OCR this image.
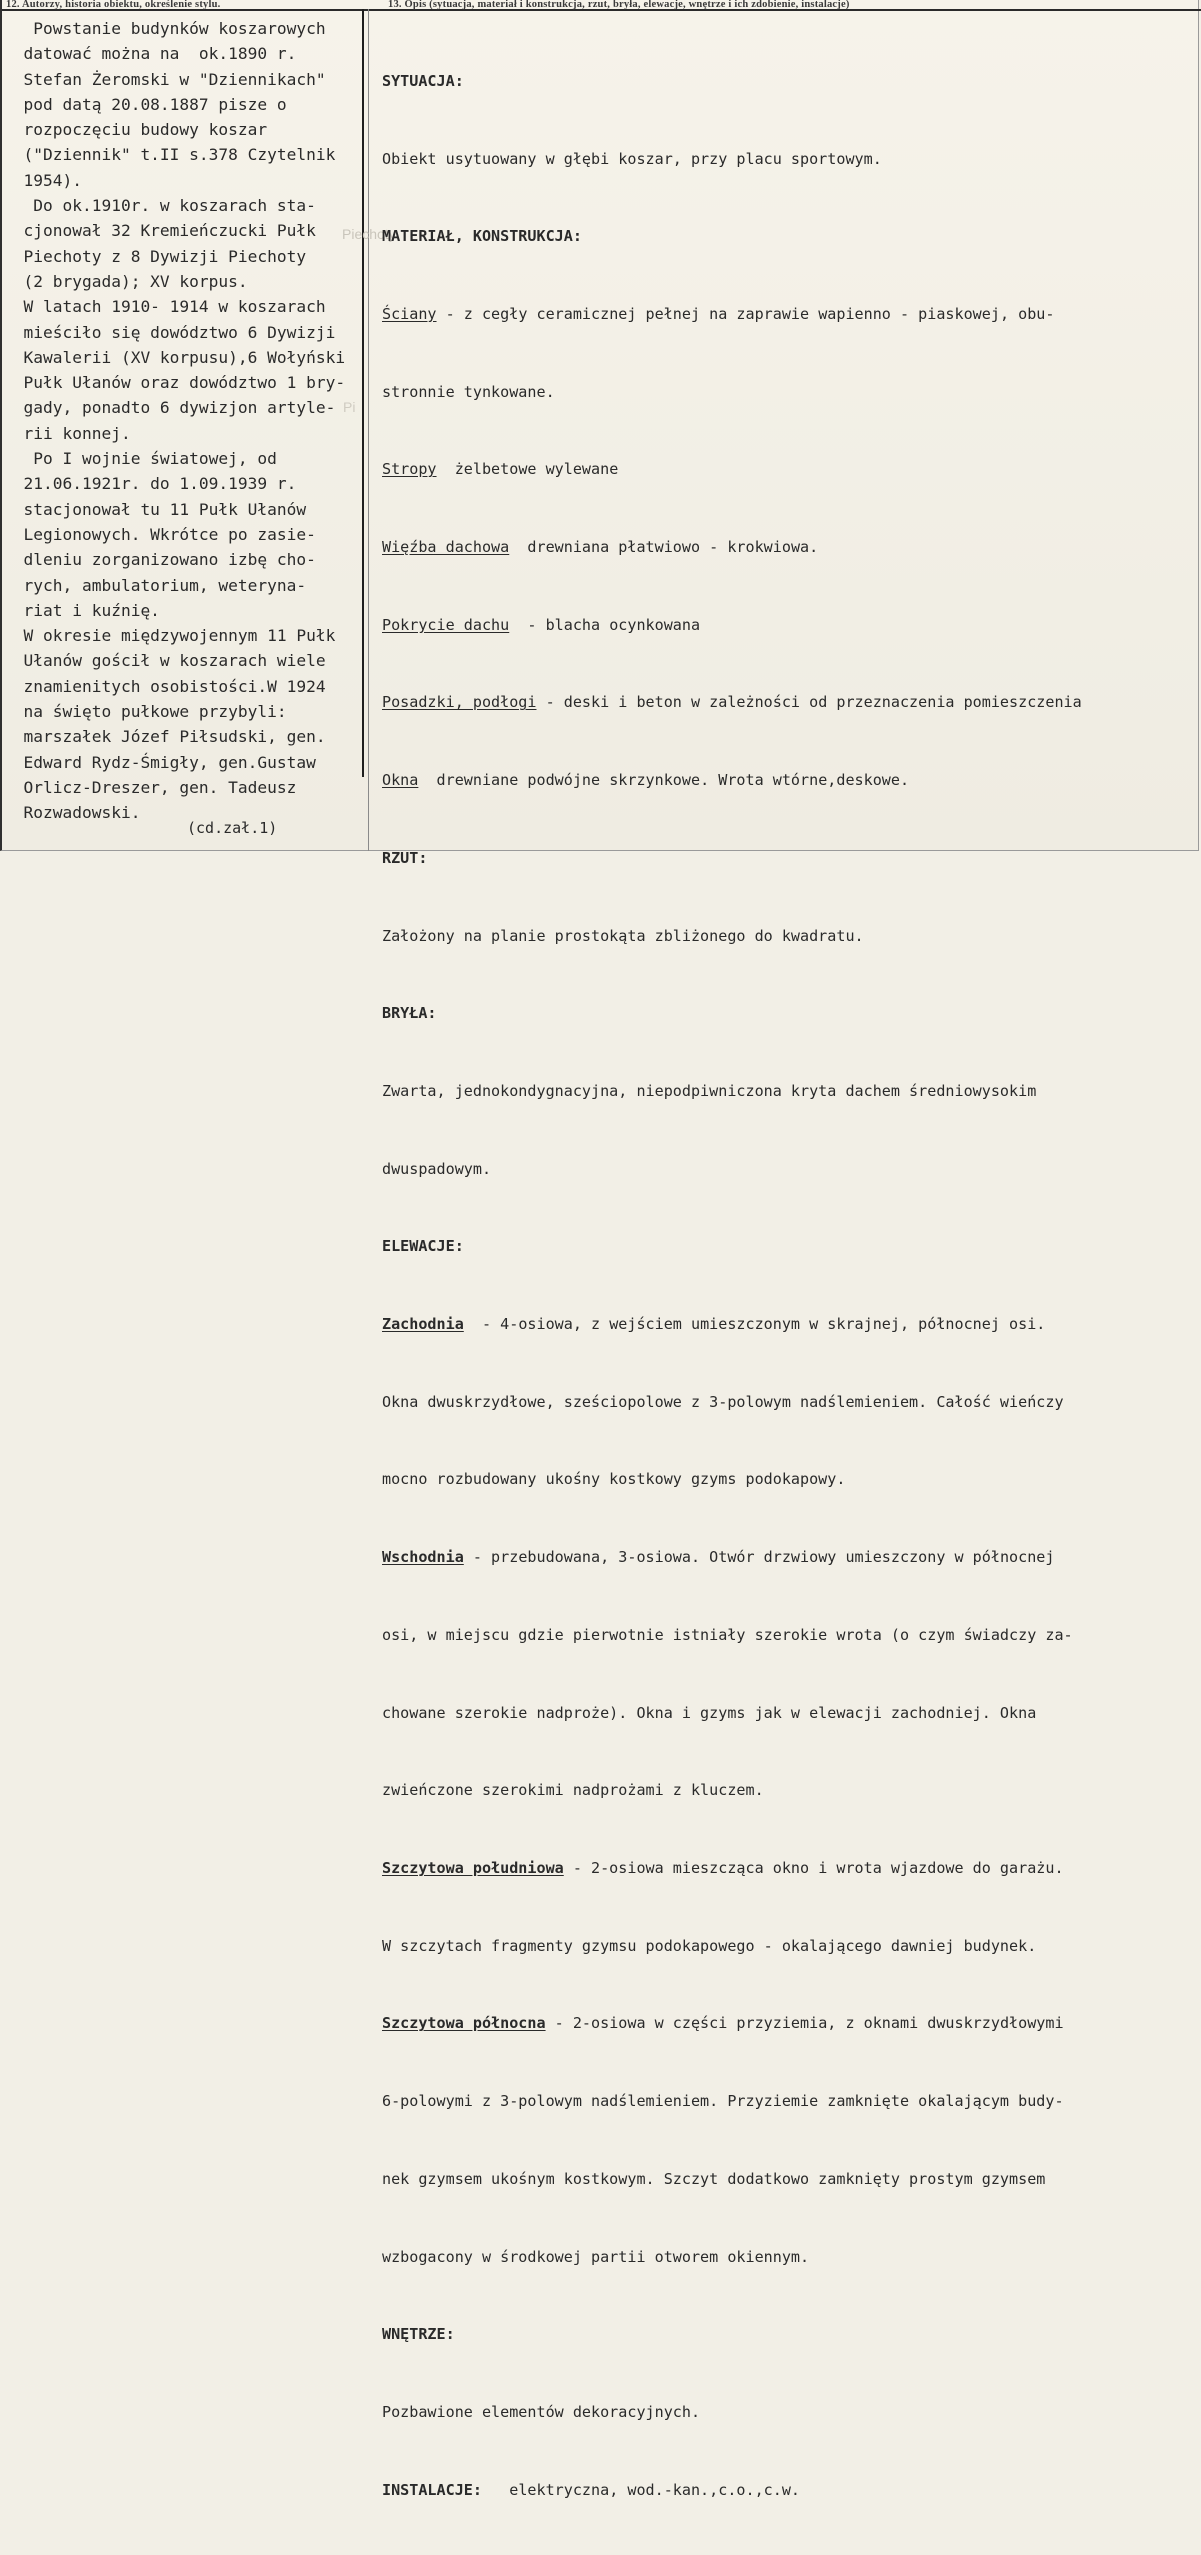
12. Autorzy, historia obiektu, określenie stylu.	13. Opis (sytuacja, materiał i konstrukcja, rzut, bryła, elewacje, wnętrze i ich zdobienie, instalacje)
Piechoty
Pi
Powstanie budynków koszarowych
datować można na  ok.1890 r.
Stefan Żeromski w "Dziennikach"
pod datą 20.08.1887 pisze o
rozpoczęciu budowy koszar
("Dziennik" t.II s.378 Czytelnik
1954).
Do ok.1910r. w koszarach sta-
cjonował 32 Kremieńczucki Pułk
Piechoty z 8 Dywizji Piechoty
(2 brygada); XV korpus.
W latach 1910- 1914 w koszarach
mieściło się dowództwo 6 Dywizji
Kawalerii (XV korpusu),6 Wołyński
Pułk Ułanów oraz dowództwo 1 bry-
gady, ponadto 6 dywizjon artyle-
rii konnej.
Po I wojnie światowej, od
21.06.1921r. do 1.09.1939 r.
stacjonował tu 11 Pułk Ułanów
Legionowych. Wkrótce po zasie-
dleniu zorganizowano izbę cho-
rych, ambulatorium, weteryna-
riat i kuźnię.
W okresie międzywojennym 11 Pułk
Ułanów gościł w koszarach wiele
znamienitych osobistości.W 1924
na święto pułkowe przybyli:
marszałek Józef Piłsudski, gen.
Edward Rydz-Śmigły, gen.Gustaw
Orlicz-Dreszer, gen. Tadeusz
Rozwadowski.
(cd.zał.1)

SYTUACJA:

Obiekt usytuowany w głębi koszar, przy placu sportowym.

MATERIAŁ, KONSTRUKCJA:

Ściany - z cegły ceramicznej pełnej na zaprawie wapienno - piaskowej, obu-

stronnie tynkowane.

Stropy  żelbetowe wylewane

Więźba dachowa  drewniana płatwiowo - krokwiowa.

Pokrycie dachu  - blacha ocynkowana

Posadzki, podłogi - deski i beton w zależności od przeznaczenia pomieszczenia

Okna  drewniane podwójne skrzynkowe. Wrota wtórne,deskowe.

RZUT:

Założony na planie prostokąta zbliżonego do kwadratu.

BRYŁA:

Zwarta, jednokondygnacyjna, niepodpiwniczona kryta dachem średniowysokim

dwuspadowym.

ELEWACJE:

Zachodnia  - 4-osiowa, z wejściem umieszczonym w skrajnej, północnej osi.

Okna dwuskrzydłowe, sześciopolowe z 3-polowym nadślemieniem. Całość wieńczy

mocno rozbudowany ukośny kostkowy gzyms podokapowy.

Wschodnia - przebudowana, 3-osiowa. Otwór drzwiowy umieszczony w północnej

osi, w miejscu gdzie pierwotnie istniały szerokie wrota (o czym świadczy za-

chowane szerokie nadproże). Okna i gzyms jak w elewacji zachodniej. Okna

zwieńczone szerokimi nadprożami z kluczem.

Szczytowa południowa - 2-osiowa mieszcząca okno i wrota wjazdowe do garażu.

W szczytach fragmenty gzymsu podokapowego - okalającego dawniej budynek.

Szczytowa północna - 2-osiowa w części przyziemia, z oknami dwuskrzydłowymi

6-polowymi z 3-polowym nadślemieniem. Przyziemie zamknięte okalającym budy-

nek gzymsem ukośnym kostkowym. Szczyt dodatkowo zamknięty prostym gzymsem

wzbogacony w środkowej partii otworem okiennym.

WNĘTRZE:

Pozbawione elementów dekoracyjnych.

INSTALACJE:   elektryczna, wod.-kan.,c.o.,c.w.
